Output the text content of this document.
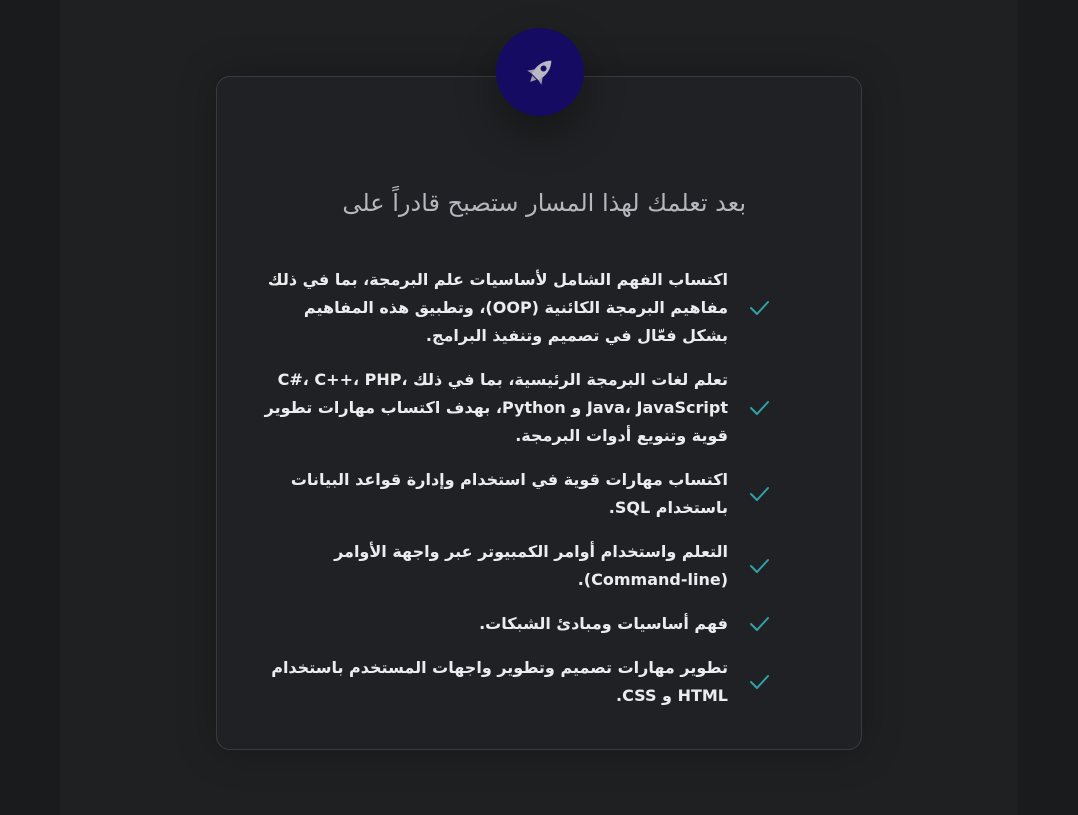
بعد تعلمك لهذا المسار ستصبح قادراً على
اكتساب الفهم الشامل لأساسيات علم البرمجة، بما في ذلك مفاهيم البرمجة الكائنية (OOP)، وتطبيق هذه المفاهيم بشكل فعّال في تصميم وتنفيذ البرامج.
تعلم لغات البرمجة الرئيسية، بما في ذلك C#، C++، PHP، Java، JavaScript و Python، بهدف اكتساب مهارات تطوير قوية وتنويع أدوات البرمجة.
اكتساب مهارات قوية في استخدام وإدارة قواعد البيانات باستخدام SQL.
التعلم واستخدام أوامر الكمبيوتر عبر واجهة الأوامر (Command-line).
فهم أساسيات ومبادئ الشبكات.
تطوير مهارات تصميم وتطوير واجهات المستخدم باستخدام HTML و CSS.
